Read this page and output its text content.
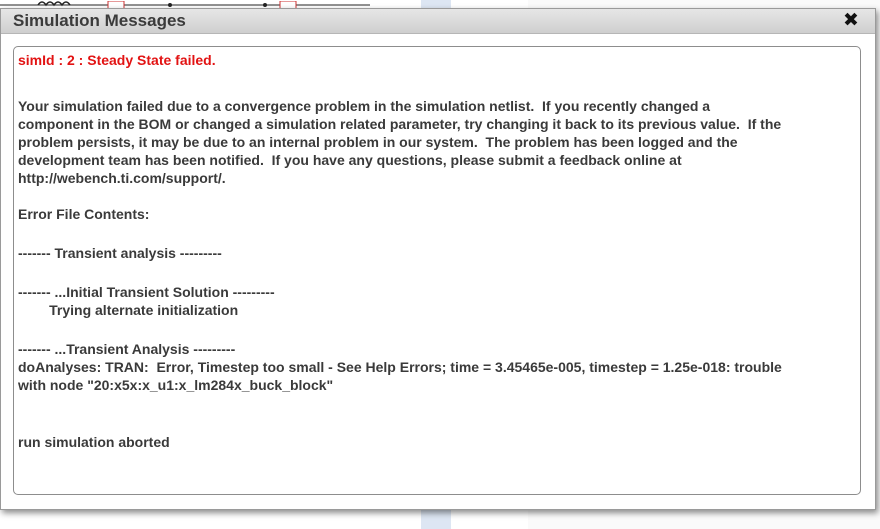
Simulation Messages	✖
simId : 2 : Steady State failed.
Your simulation failed due to a convergence problem in the simulation netlist.  If you recently changed a
component in the BOM or changed a simulation related parameter, try changing it back to its previous value.  If the
problem persists, it may be due to an internal problem in our system.  The problem has been logged and the
development team has been notified.  If you have any questions, please submit a feedback online at
http://webench.ti.com/support/.
Error File Contents:
------- Transient analysis ---------
------- ...Initial Transient Solution ---------
Trying alternate initialization
------- ...Transient Analysis ---------
doAnalyses: TRAN:  Error, Timestep too small - See Help Errors; time = 3.45465e-005, timestep = 1.25e-018: trouble
with node "20:x5x:x_u1:x_lm284x_buck_block"
run simulation aborted
